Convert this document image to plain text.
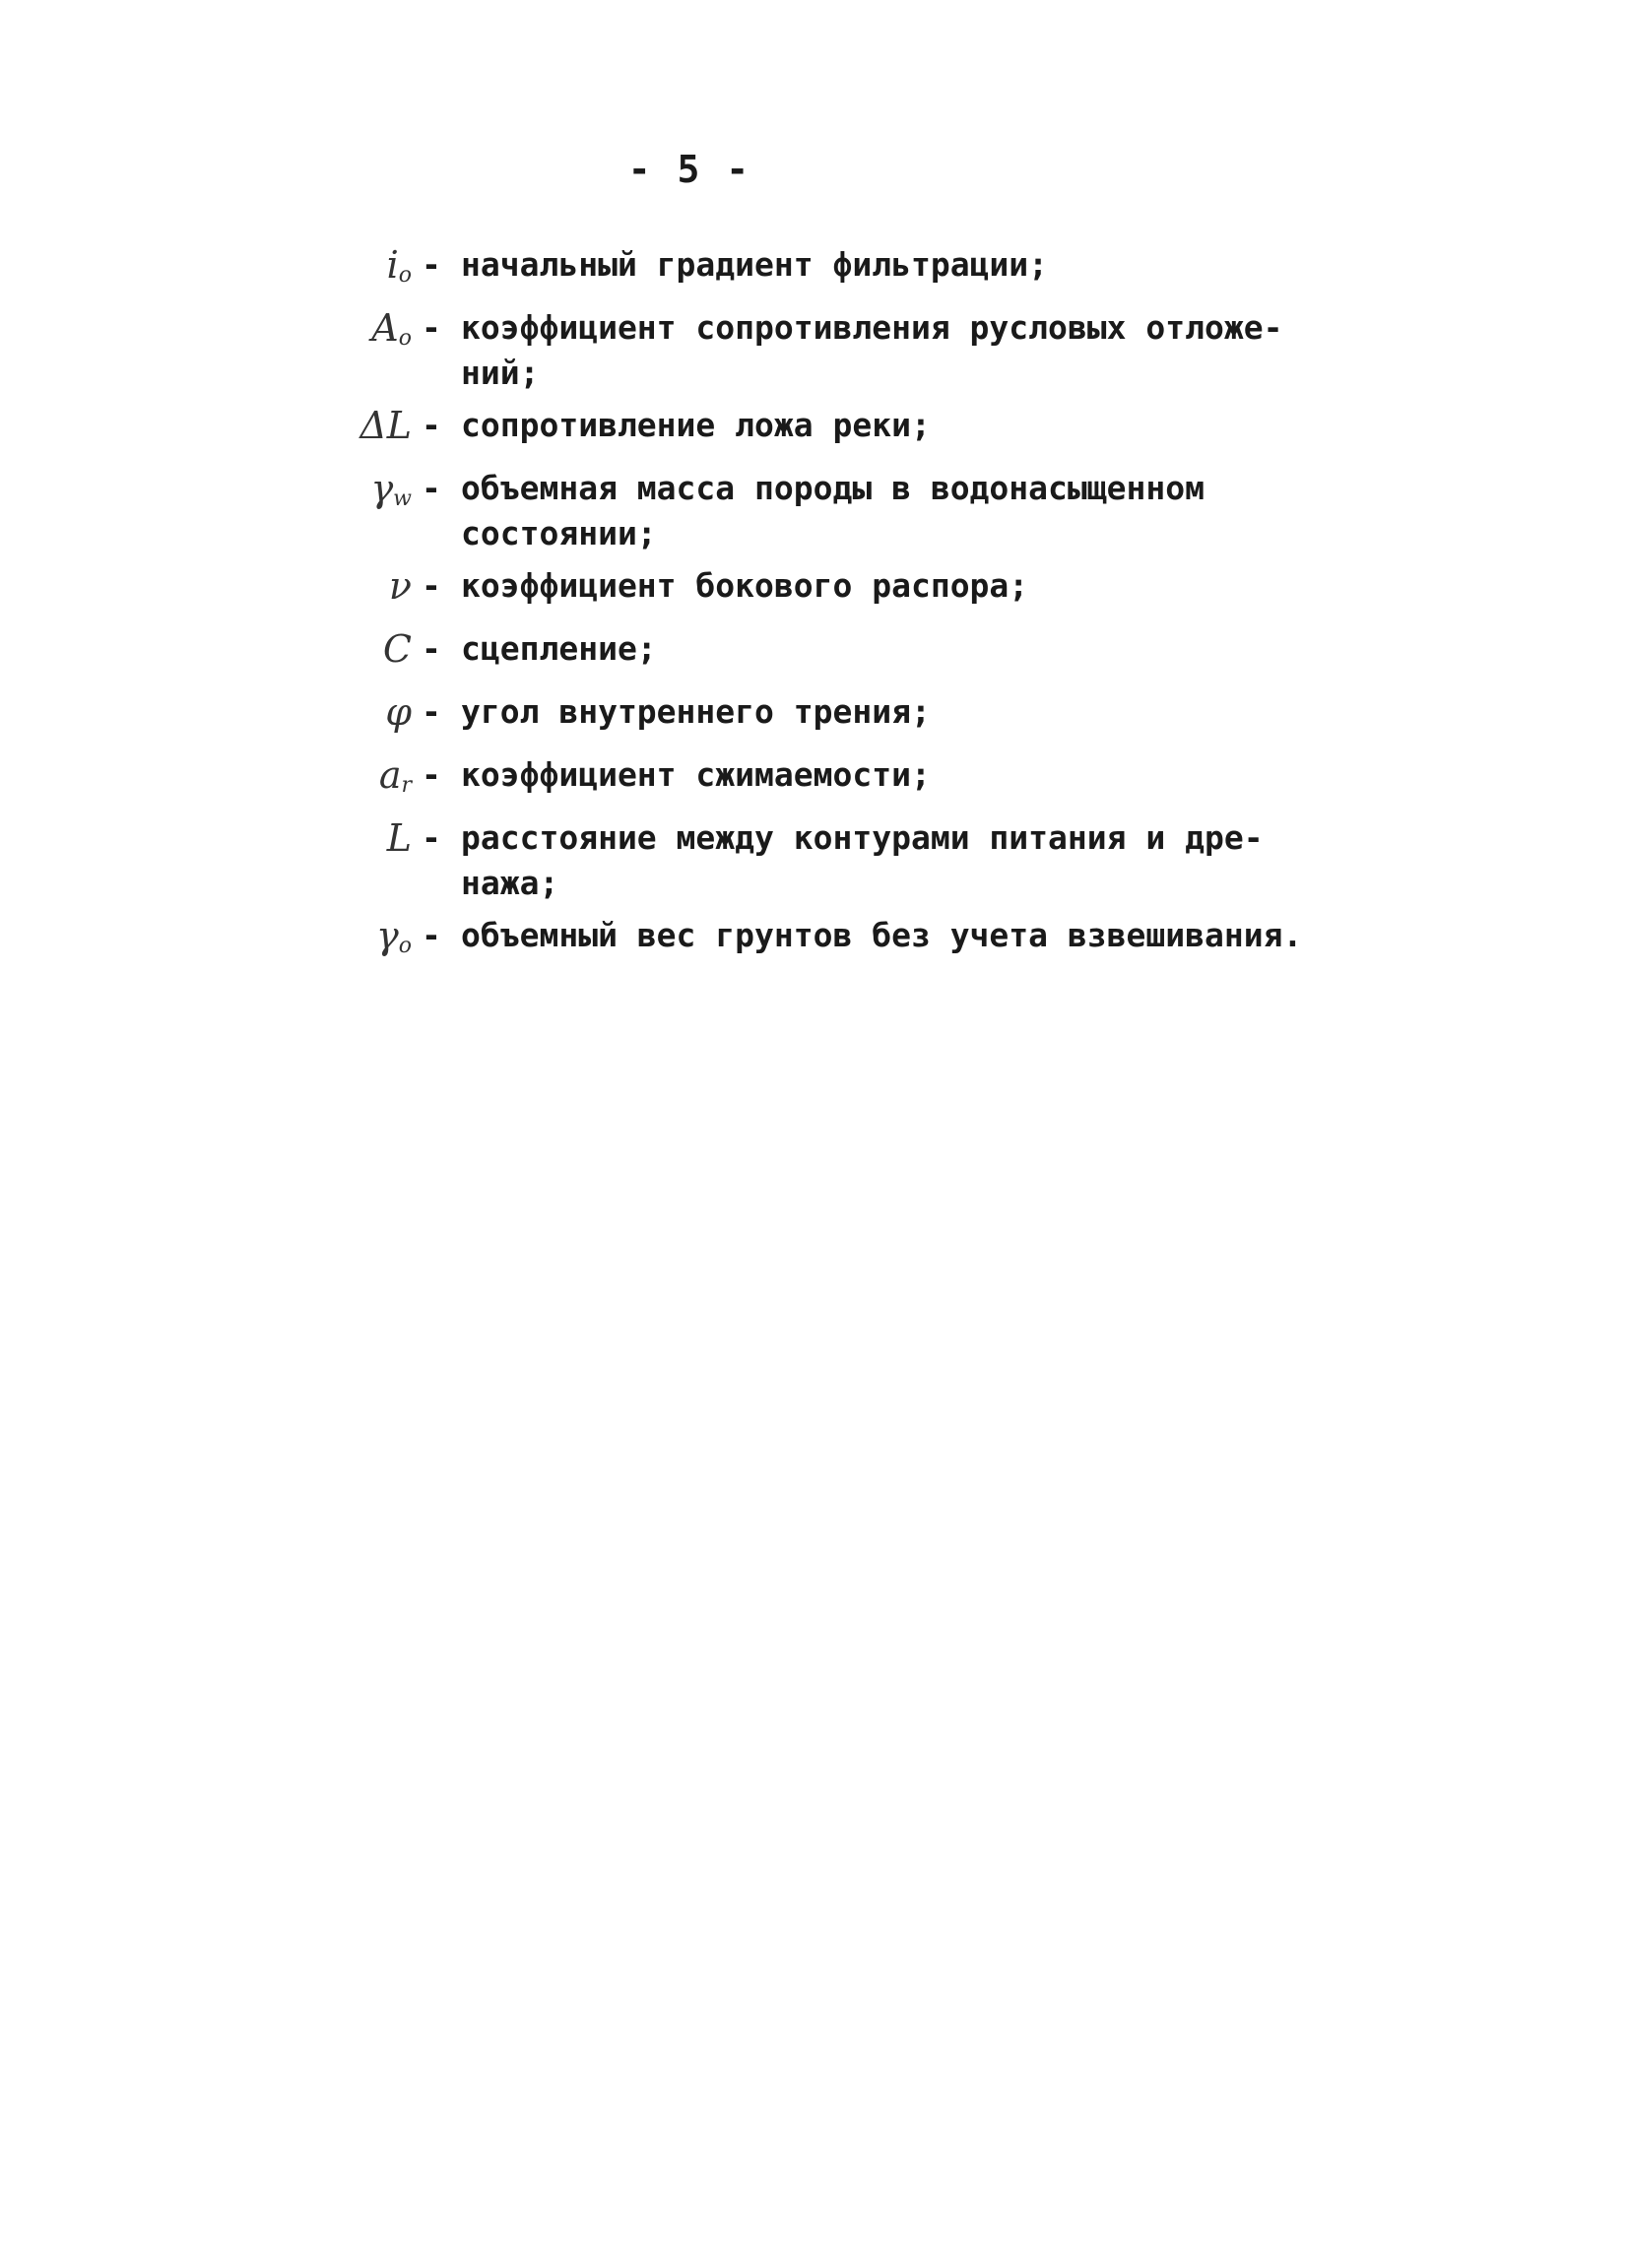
- 5 -
$i_o$ - начальный градиент фильтрации;
$A_o$ - коэффициент сопротивления русловых отложе-
ний;
ΔL - сопротивление ложа реки;
$\gamma_w$ - объемная масса породы в водонасыщенном
состоянии;
ν - коэффициент бокового распора;
C - сцепление;
φ - угол внутреннего трения;
$a_r$ - коэффициент сжимаемости;
L - расстояние между контурами питания и дре-
нажа;
$\gamma_o$ - объемный вес грунтов без учета взвешивания.
